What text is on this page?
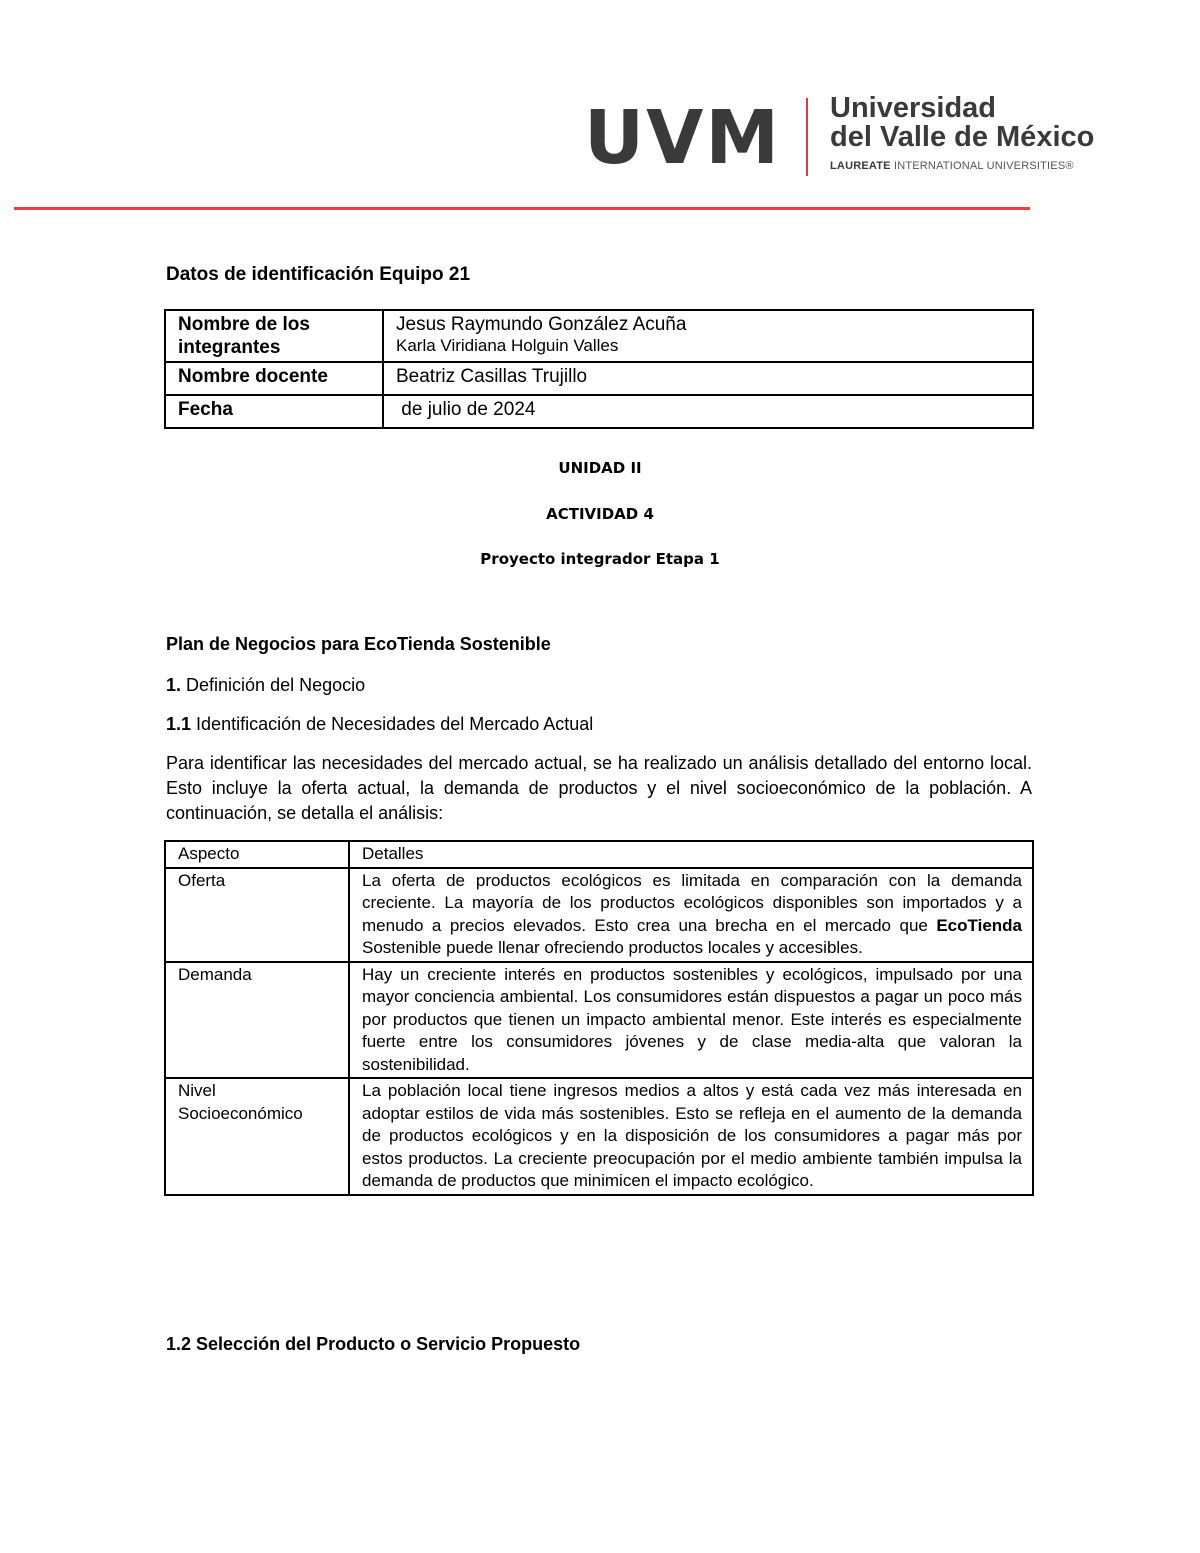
UVM Universidad
del Valle de México
LAUREATE INTERNATIONAL UNIVERSITIES®
Datos de identificación Equipo 21
Nombre de los integrantes	Jesus Raymundo González Acuña
Karla Viridiana Holguin Valles

Nombre docente	Beatriz Casillas Trujillo
Fecha	de julio de 2024
UNIDAD II
ACTIVIDAD 4
Proyecto integrador Etapa 1
Plan de Negocios para EcoTienda Sostenible
1. Definición del Negocio
1.1 Identificación de Necesidades del Mercado Actual
Para identificar las necesidades del mercado actual, se ha realizado un análisis detallado del entorno local. Esto incluye la oferta actual, la demanda de productos y el nivel socioeconómico de la población. A continuación, se detalla el análisis:
Aspecto	Detalles
Oferta	La oferta de productos ecológicos es limitada en comparación con la demanda creciente. La mayoría de los productos ecológicos disponibles son importados y a menudo a precios elevados. Esto crea una brecha en el mercado que EcoTienda Sostenible puede llenar ofreciendo productos locales y accesibles.
Demanda	Hay un creciente interés en productos sostenibles y ecológicos, impulsado por una mayor conciencia ambiental. Los consumidores están dispuestos a pagar un poco más por productos que tienen un impacto ambiental menor. Este interés es especialmente fuerte entre los consumidores jóvenes y de clase media-alta que valoran la sostenibilidad.
Nivel Socioeconómico	La población local tiene ingresos medios a altos y está cada vez más interesada en adoptar estilos de vida más sostenibles. Esto se refleja en el aumento de la demanda de productos ecológicos y en la disposición de los consumidores a pagar más por estos productos. La creciente preocupación por el medio ambiente también impulsa la demanda de productos que minimicen el impacto ecológico.
1.2 Selección del Producto o Servicio Propuesto
